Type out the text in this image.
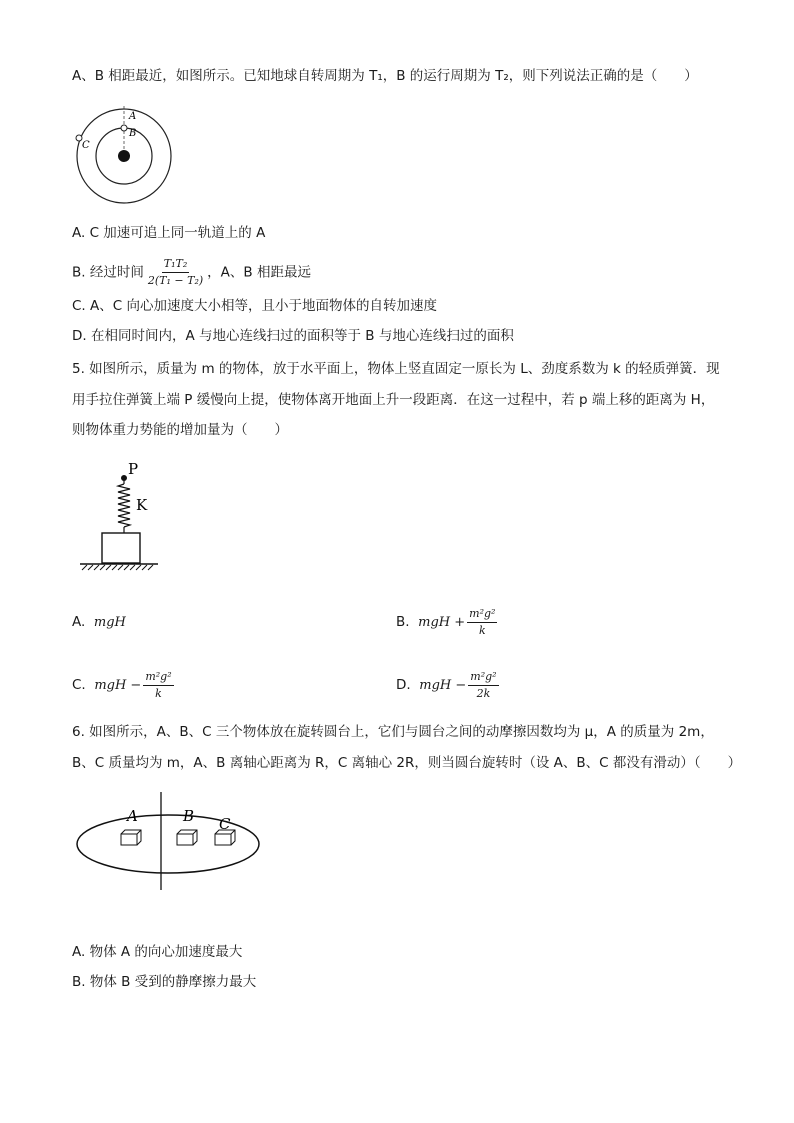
A、B 相距最近，如图所示。已知地球自转周期为 T₁，B 的运行周期为 T₂，则下列说法正确的是（　　）
A
B
C
A. C 加速可追上同一轨道上的 A
B. 经过时间 $\frac{\text{T₁T₂}}{\text{2(T₁ − T₂)}}$ ，A、B 相距最远
C. A、C 向心加速度大小相等，且小于地面物体的自转加速度
D. 在相同时间内，A 与地心连线扫过的面积等于 B 与地心连线扫过的面积
5. 如图所示，质量为 m 的物体，放于水平面上，物体上竖直固定一原长为 L、劲度系数为 k 的轻质弹簧．现
用手拉住弹簧上端 P 缓慢向上提，使物体离开地面上升一段距离．在这一过程中，若 p 端上移的距离为 H，
则物体重力势能的增加量为（　　）
P
K
A. mgH	B. mgH + $\frac{\text{m²g²}}{k}$
C. mgH − $\frac{\text{m²g²}}{k}$	D. mgH − $\frac{\text{m²g²}}{2k}$
6. 如图所示，A、B、C 三个物体放在旋转圆台上，它们与圆台之间的动摩擦因数均为 μ，A 的质量为 2m，
B、C 质量均为 m，A、B 离轴心距离为 R，C 离轴心 2R，则当圆台旋转时（设 A、B、C 都没有滑动）（　　）
A	B C
A. 物体 A 的向心加速度最大
B. 物体 B 受到的静摩擦力最大
